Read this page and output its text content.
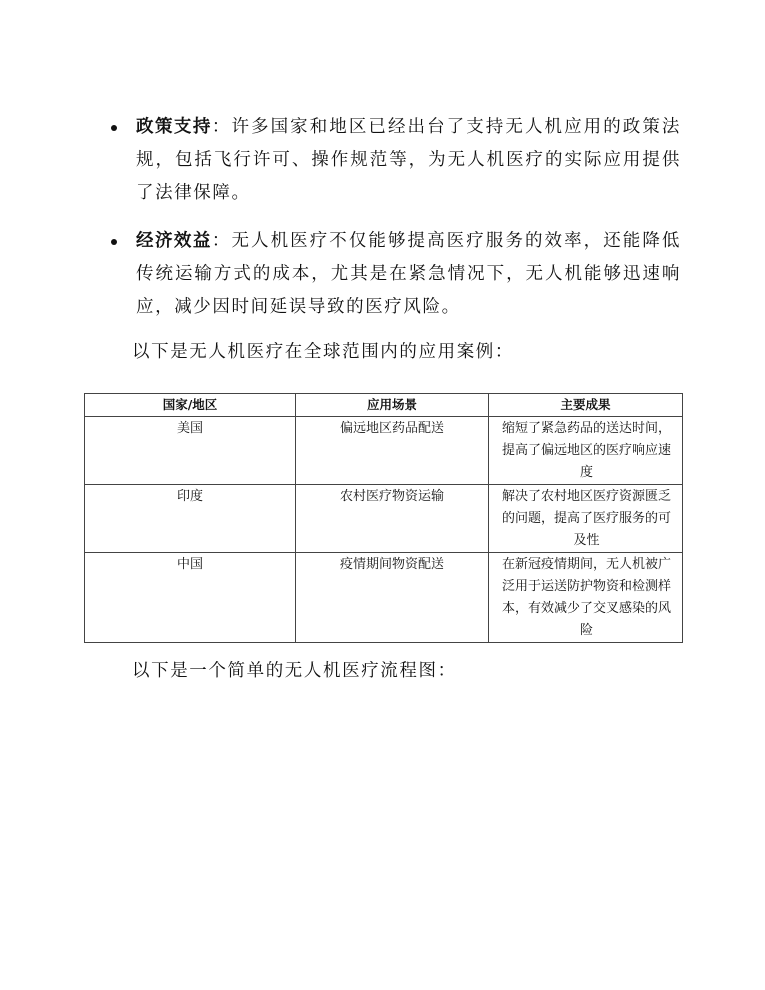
政策支持：许多国家和地区已经出台了支持无人机应用的政策法规，包括飞行许可、操作规范等，为无人机医疗的实际应用提供了法律保障。
经济效益：无人机医疗不仅能够提高医疗服务的效率，还能降低传统运输方式的成本，尤其是在紧急情况下，无人机能够迅速响应，减少因时间延误导致的医疗风险。
以下是无人机医疗在全球范围内的应用案例：
国家/地区	应用场景	主要成果
美国	偏远地区药品配送	缩短了紧急药品的送达时间，提高了偏远地区的医疗响应速度
印度	农村医疗物资运输	解决了农村地区医疗资源匮乏的问题，提高了医疗服务的可及性
中国	疫情期间物资配送	在新冠疫情期间，无人机被广泛用于运送防护物资和检测样本，有效减少了交叉感染的风险
以下是一个简单的无人机医疗流程图：
